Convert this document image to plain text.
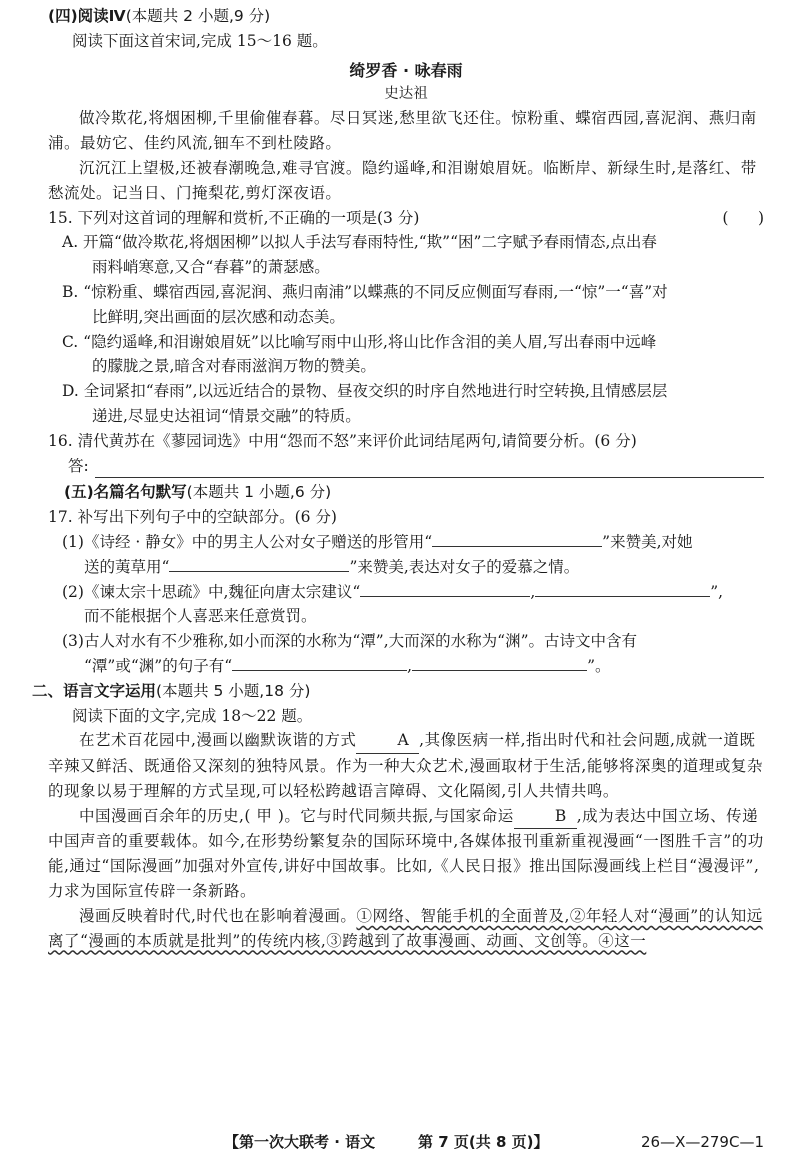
(四)阅读Ⅳ(本题共 2 小题,9 分)
阅读下面这首宋词,完成 15～16 题。
绮罗香 · 咏春雨
史达祖

做冷欺花,将烟困柳,千里偷催春暮。尽日冥迷,愁里欲飞还住。惊粉重、蝶宿西园,喜泥润、燕归南浦。最妨它、佳约风流,钿车不到杜陵路。

沉沉江上望极,还被春潮晚急,难寻官渡。隐约遥峰,和泪谢娘眉妩。临断岸、新绿生时,是落红、带愁流处。记当日、门掩梨花,剪灯深夜语。

15. 下列对这首词的理解和赏析,不正确的一项是(3 分)	(      )
A. 开篇“做冷欺花,将烟困柳”以拟人手法写春雨特性,“欺”“困”二字赋予春雨情态,点出春
雨料峭寒意,又合“春暮”的萧瑟感。
B. “惊粉重、蝶宿西园,喜泥润、燕归南浦”以蝶燕的不同反应侧面写春雨,一“惊”一“喜”对
比鲜明,突出画面的层次感和动态美。
C. “隐约遥峰,和泪谢娘眉妩”以比喻写雨中山形,将山比作含泪的美人眉,写出春雨中远峰
的朦胧之景,暗含对春雨滋润万物的赞美。
D. 全词紧扣“春雨”,以远近结合的景物、昼夜交织的时序自然地进行时空转换,且情感层层
递进,尽显史达祖词“情景交融”的特质。
16. 清代黄苏在《蓼园词选》中用“怨而不怒”来评价此词结尾两句,请简要分析。(6 分)
答:
(五)名篇名句默写(本题共 1 小题,6 分)
17. 补写出下列句子中的空缺部分。(6 分)
(1)《诗经 · 静女》中的男主人公对女子赠送的彤管用“	”来赞美,对她
送的荑草用“	”来赞美,表达对女子的爱慕之情。
(2)《谏太宗十思疏》中,魏征向唐太宗建议“	,	”,
而不能根据个人喜恶来任意赏罚。
(3)古人对水有不少雅称,如小而深的水称为“潭”,大而深的水称为“渊”。古诗文中含有
“潭”或“渊”的句子有“	,	”。
二、语言文字运用(本题共 5 小题,18 分)
阅读下面的文字,完成 18～22 题。

在艺术百花园中,漫画以幽默诙谐的方式	A ,其像医病一样,指出时代和社会问题,成就一道既辛辣又鲜活、既通俗又深刻的独特风景。作为一种大众艺术,漫画取材于生活,能够将深奥的道理或复杂的现象以易于理解的方式呈现,可以轻松跨越语言障碍、文化隔阂,引人共情共鸣。

中国漫画百余年的历史,( 甲 )。它与时代同频共振,与国家命运	B ,成为表达中国立场、传递中国声音的重要载体。如今,在形势纷繁复杂的国际环境中,各媒体报刊重新重视漫画“一图胜千言”的功能,通过“国际漫画”加强对外宣传,讲好中国故事。比如,《人民日报》推出国际漫画线上栏目“漫漫评”,力求为国际宣传辟一条新路。

漫画反映着时代,时代也在影响着漫画。①网络、智能手机的全面普及,②年轻人对“漫画”的认知远离了“漫画的本质就是批判”的传统内核,③跨越到了故事漫画、动画、文创等。④这一

【第一次大联考 · 语文	第 7 页(共 8 页)】	26—X—279C—1
